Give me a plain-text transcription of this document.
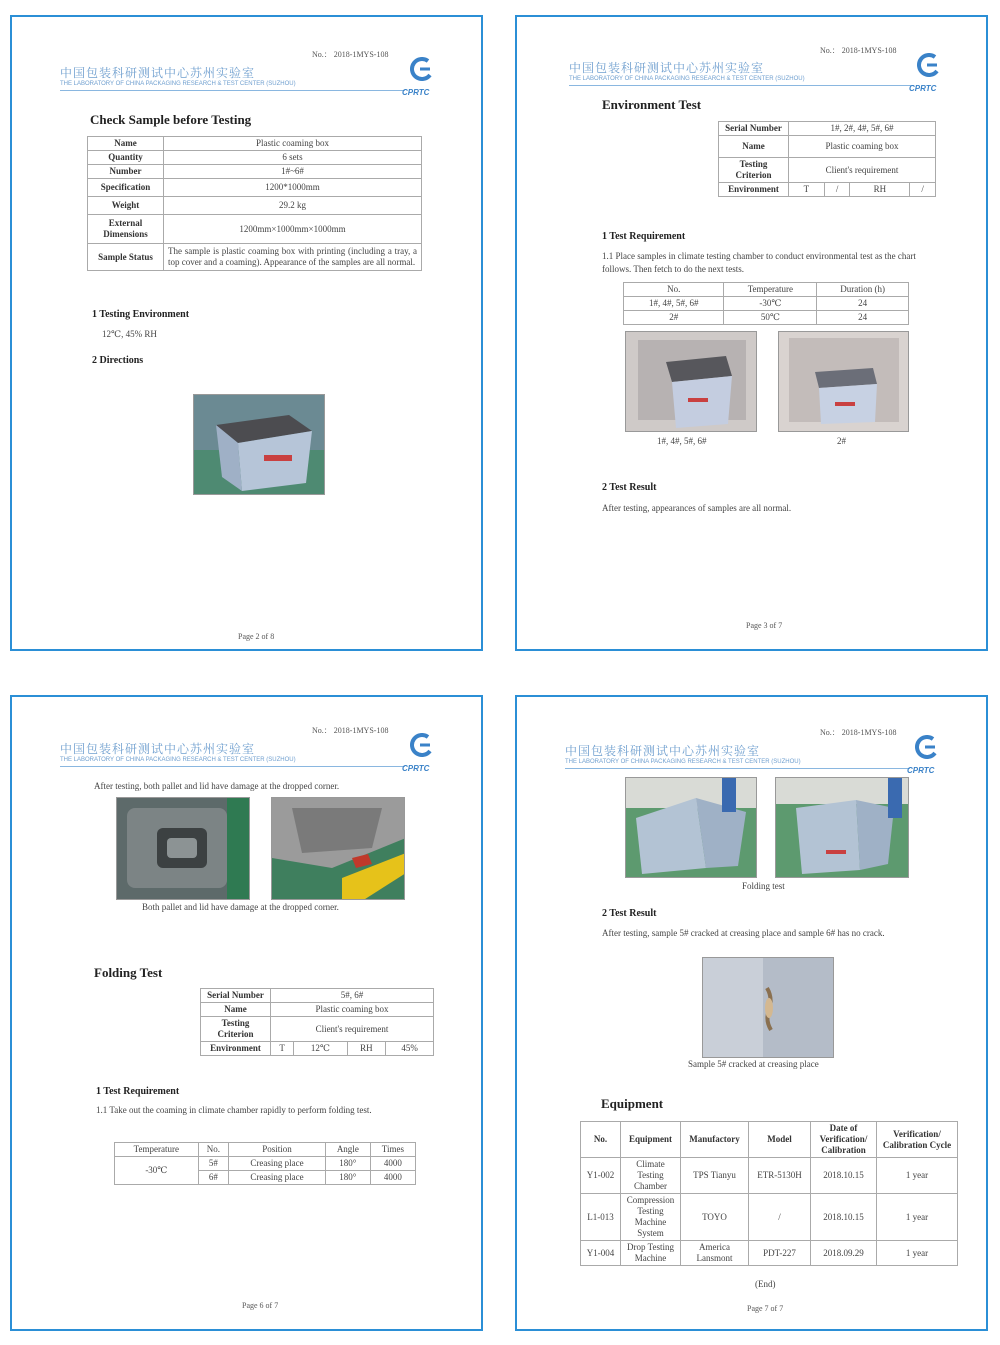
No.： 2018-1MYS-108
中国包装科研测试中心苏州实验室
THE LABORATORY OF CHINA PACKAGING RESEARCH & TEST CENTER (SUZHOU)
CPRTC
Check Sample before Testing
Name	Plastic coaming box
Quantity	6 sets
Number	1#~6#
Specification	1200*1000mm
Weight	29.2 kg
External Dimensions	1200mm×1000mm×1000mm
Sample Status	The sample is plastic coaming box with printing (including a tray, a top cover and a coaming). Appearance of the samples are all normal.
1 Testing Environment
12℃, 45% RH
2 Directions
Page 2 of 8
No.： 2018-1MYS-108
中国包装科研测试中心苏州实验室
THE LABORATORY OF CHINA PACKAGING RESEARCH & TEST CENTER (SUZHOU)
CPRTC
Environment Test
Serial Number	1#, 2#, 4#, 5#, 6#			
Name	Plastic coaming box			
Testing Criterion	Client's requirement			
Environment	T	/	RH	/
1 Test Requirement
1.1 Place samples in climate testing chamber to conduct environmental test as the chart follows. Then fetch to do the next tests.
No.	Temperature	Duration (h)
1#, 4#, 5#, 6#	-30℃	24
2#	50℃	24
1#, 4#, 5#, 6#	2#
2 Test Result
After testing, appearances of samples are all normal.
Page 3 of 7
No.： 2018-1MYS-108
中国包装科研测试中心苏州实验室
THE LABORATORY OF CHINA PACKAGING RESEARCH & TEST CENTER (SUZHOU)
CPRTC
After testing, both pallet and lid have damage at the dropped corner.
Both pallet and lid have damage at the dropped corner.
Folding Test
Serial Number	5#, 6#			
Name	Plastic coaming box			
Testing Criterion	Client's requirement			
Environment	T	12℃	RH	45%
1 Test Requirement
1.1 Take out the coaming in climate chamber rapidly to perform folding test.
Temperature	No.	Position	Angle	Times
-30℃	5#	Creasing place	180°	4000
	6#	Creasing place	180°	4000
Page 6 of 7
No.： 2018-1MYS-108
中国包装科研测试中心苏州实验室
THE LABORATORY OF CHINA PACKAGING RESEARCH & TEST CENTER (SUZHOU)
CPRTC
Folding test
2 Test Result
After testing, sample 5# cracked at creasing place and sample 6# has no crack.
Sample 5# cracked at creasing place
Equipment
No.	Equipment	Manufactory	Model	Date of Verification/ Calibration	Verification/ Calibration Cycle
Y1-002	Climate Testing Chamber	TPS Tianyu	ETR-5130H	2018.10.15	1 year
L1-013	Compression Testing Machine System	TOYO	/	2018.10.15	1 year
Y1-004	Drop Testing Machine	America Lansmont	PDT-227	2018.09.29	1 year
(End)
Page 7 of 7
